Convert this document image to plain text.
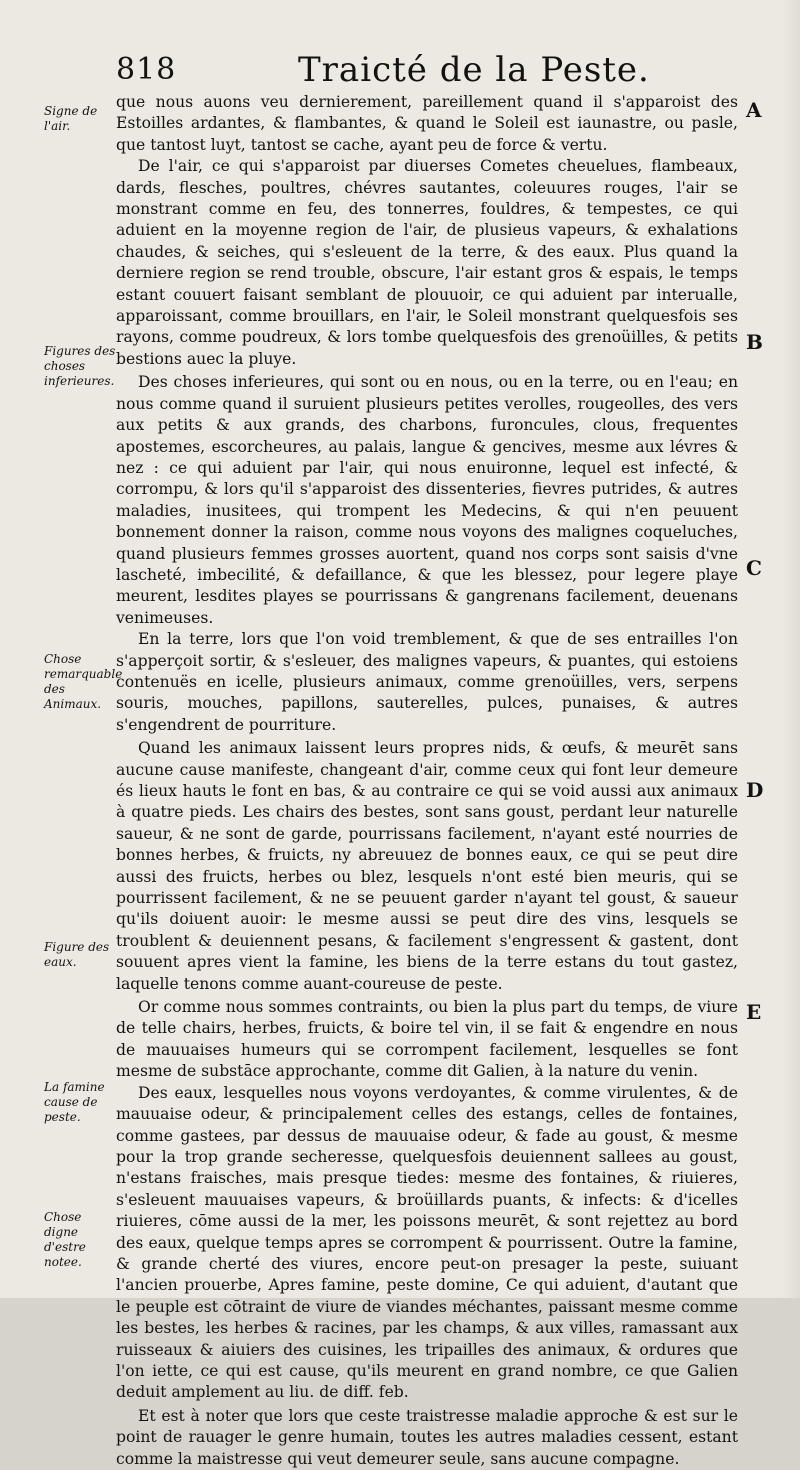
818	Traicté de la Peste.
Signe de l'air.
Figures des choses inferieures.
Chose remarquable des Animaux.
Figure des eaux.
La famine cause de peste.
Chose digne d'estre notee.
A
B
C
D
E

que nous auons veu dernierement, pareillement quand il s'apparoist des Estoilles ardantes, & flambantes, & quand le Soleil est iaunastre, ou pasle, que tantost luyt, tantost se cache, ayant peu de force & vertu.

De l'air, ce qui s'apparoist par diuerses Cometes cheuelues, flambeaux, dards, flesches, poultres, chévres sautantes, coleuures rouges, l'air se monstrant comme en feu, des tonnerres, fouldres, & tempestes, ce qui aduient en la moyenne region de l'air, de plusieus vapeurs, & exhalations chaudes, & seiches, qui s'esleuent de la terre, & des eaux. Plus quand la derniere region se rend trouble, obscure, l'air estant gros & espais, le temps estant couuert faisant semblant de plouuoir, ce qui aduient par interualle, apparoissant, comme brouillars, en l'air, le Soleil monstrant quelquesfois ses rayons, comme poudreux, & lors tombe quelquesfois des grenoüilles, & petits bestions auec la pluye.

Des choses inferieures, qui sont ou en nous, ou en la terre, ou en l'eau; en nous comme quand il suruient plusieurs petites verolles, rougeolles, des vers aux petits & aux grands, des charbons, furoncules, clous, frequentes apostemes, escorcheures, au palais, langue & gencives, mesme aux lévres & nez : ce qui aduient par l'air, qui nous enuironne, lequel est infecté, & corrompu, & lors qu'il s'apparoist des dissenteries, fievres putrides, & autres maladies, inusitees, qui trompent les Medecins, & qui n'en peuuent bonnement donner la raison, comme nous voyons des malignes coqueluches, quand plusieurs femmes grosses auortent, quand nos corps sont saisis d'vne lascheté, imbecilité, & defaillance, & que les blessez, pour legere playe meurent, lesdites playes se pourrissans & gangrenans facilement, deuenans venimeuses.

En la terre, lors que l'on void tremblement, & que de ses entrailles l'on s'apperçoit sortir, & s'esleuer, des malignes vapeurs, & puantes, qui estoiens contenuës en icelle, plusieurs animaux, comme grenoüilles, vers, serpens souris, mouches, papillons, sauterelles, pulces, punaises, & autres s'engendrent de pourriture.

Quand les animaux laissent leurs propres nids, & œufs, & meurēt sans aucune cause manifeste, changeant d'air, comme ceux qui font leur demeure és lieux hauts le font en bas, & au contraire ce qui se void aussi aux animaux à quatre pieds. Les chairs des bestes, sont sans goust, perdant leur naturelle saueur, & ne sont de garde, pourrissans facilement, n'ayant esté nourries de bonnes herbes, & fruicts, ny abreuuez de bonnes eaux, ce qui se peut dire aussi des fruicts, herbes ou blez, lesquels n'ont esté bien meuris, qui se pourrissent facilement, & ne se peuuent garder n'ayant tel goust, & saueur qu'ils doiuent auoir: le mesme aussi se peut dire des vins, lesquels se troublent & deuiennent pesans, & facilement s'engressent & gastent, dont souuent apres vient la famine, les biens de la terre estans du tout gastez, laquelle tenons comme auant-coureuse de peste.

Or comme nous sommes contraints, ou bien la plus part du temps, de viure de telle chairs, herbes, fruicts, & boire tel vin, il se fait & engendre en nous de mauuaises humeurs qui se corrompent facilement, lesquelles se font mesme de substāce approchante, comme dit Galien, à la nature du venin.

Des eaux, lesquelles nous voyons verdoyantes, & comme virulentes, & de mauuaise odeur, & principalement celles des estangs, celles de fontaines, comme gastees, par dessus de mauuaise odeur, & fade au goust, & mesme pour la trop grande secheresse, quelquesfois deuiennent sallees au goust, n'estans fraisches, mais presque tiedes: mesme des fontaines, & riuieres, s'esleuent mauuaises vapeurs, & broüillards puants, & infects: & d'icelles riuieres, cōme aussi de la mer, les poissons meurēt, & sont rejettez au bord des eaux, quelque temps apres se corrompent & pourrissent. Outre la famine, & grande cherté des viures, encore peut-on presager la peste, suiuant l'ancien prouerbe, Apres famine, peste domine, Ce qui aduient, d'autant que le peuple est cōtraint de viure de viandes méchantes, paissant mesme comme les bestes, les herbes & racines, par les champs, & aux villes, ramassant aux ruisseaux & aiuiers des cuisines, les tripailles des animaux, & ordures que l'on iette, ce qui est cause, qu'ils meurent en grand nombre, ce que Galien deduit amplement au liu. de diff. feb.

Et est à noter que lors que ceste traistresse maladie approche & est sur le point de rauager le genre humain, toutes les autres maladies cessent, estant comme la maistresse qui veut demeurer seule, sans aucune compagne.
